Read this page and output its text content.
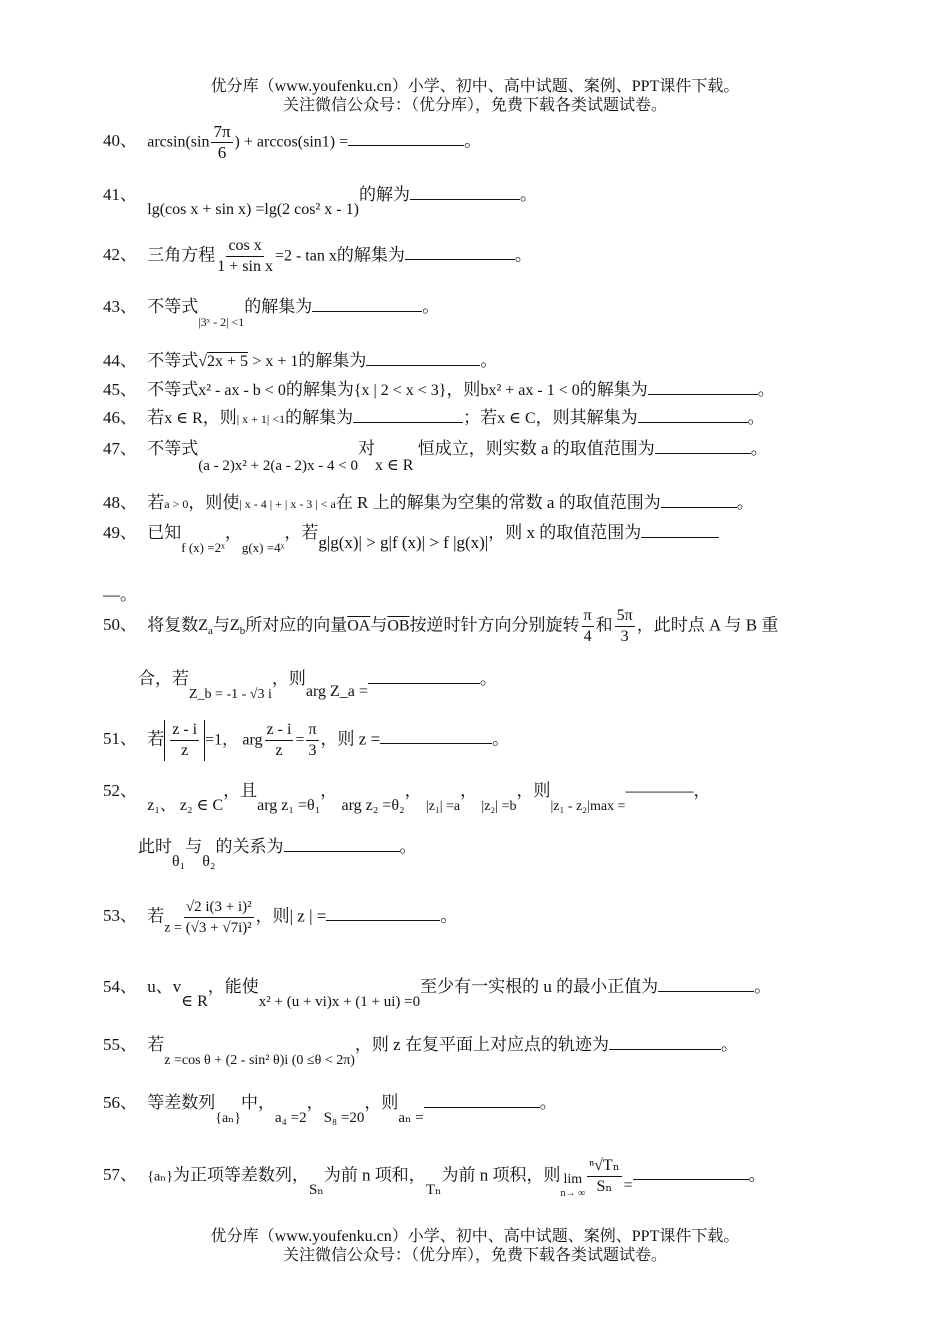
优分库（www.youfenku.cn）小学、初中、高中试题、案例、PPT课件下载。
关注微信公众号：（优分库），免费下载各类试题试卷。
40、 $\arcsin(\sin \frac{7\pi}{6}$ ) + arccos(sin1) =	。
41、 lg(cos x + sin x) =lg(2 cos² x - 1)的解为	。
42、 三角方程 $\frac{\text{cos x}}{\text{1 + sin x}} =2 - \tan x$的解集为	。
43、 不等式$_{|3ˣ - 2| <1}$的解集为	。
44、 不等式√2x + 5 > x + 1的解集为	。
45、 不等式x² - ax - b < 0的解集为{x | 2 < x < 3}，则bx² + ax - 1 < 0的解集为	。
46、 若x ∈ R，则| x + 1| <1的解集为	；若x ∈ C，则其解集为	。
47、 不等式(a - 2)x² + 2(a - 2)x - 4 < 0对x ∈ R 恒成立，则实数 a 的取值范围为	。
48、 若a > 0，则使| x - 4 | + | x - 3 | < a在 R 上的解集为空集的常数 a 的取值范围为	。
49、 已知$_{f (x) =2ˣ}$，$_{g(x) =4ˣ}$，若g|g(x)| > g|f (x)| > f |g(x)|，则 x 的取值范围为
—。
50、 将复数$Z_a$与$Z_b$所对应的向量$\overline{OA}$与$\overline{OB}$按逆时针方向分别旋转 $\frac{\pi}{4}$ 和 $\frac{5\pi}{3}$ ，此时点 A 与 B 重
合，若$_{Z\_b = -1 - √3 i}$，则arg Z_a =。
51、 若 $\frac{z - i}{z} =1$， arg $\frac{z - i}{z} = \frac{\pi}{3}$ ，则 z =	。
52、 z₁、 z₂ ∈ C，且arg z₁ =θ₁， arg z₂ =θ₂， $_{|z_1| =a}$， $_{|z_2| =b}$，则$_{|z_1 - z_2|max =}$————，
此时θ₁与θ₂的关系为	。
53、 若$_{z =} \frac{\text{√2 i(3 + i)²}}{\text{(√3 + √7i)²}}$ ，则| z | =	。
54、 u、v∈ R，能使x² + (u + vi)x + (1 + ui) =0至少有一实根的 u 的最小正值为	。
55、 若$_{z =cos \theta + (2 - sin^2 \theta)i (0 \le\theta < 2\pi)}$，则 z 在复平面上对应点的轨迹为	。
56、 等差数列$_{\{a_n\}}$中，a₄ =2，S₈ =20，则aₙ =。
57、 {aₙ}为正项等差数列，Sₙ为前 n 项和，Tₙ为前 n 项积，则 lim
n→ ∞ $\frac{\text{ⁿ√Tₙ}}{\text{Sₙ}}$ =。
优分库（www.youfenku.cn）小学、初中、高中试题、案例、PPT课件下载。
关注微信公众号：（优分库），免费下载各类试题试卷。
